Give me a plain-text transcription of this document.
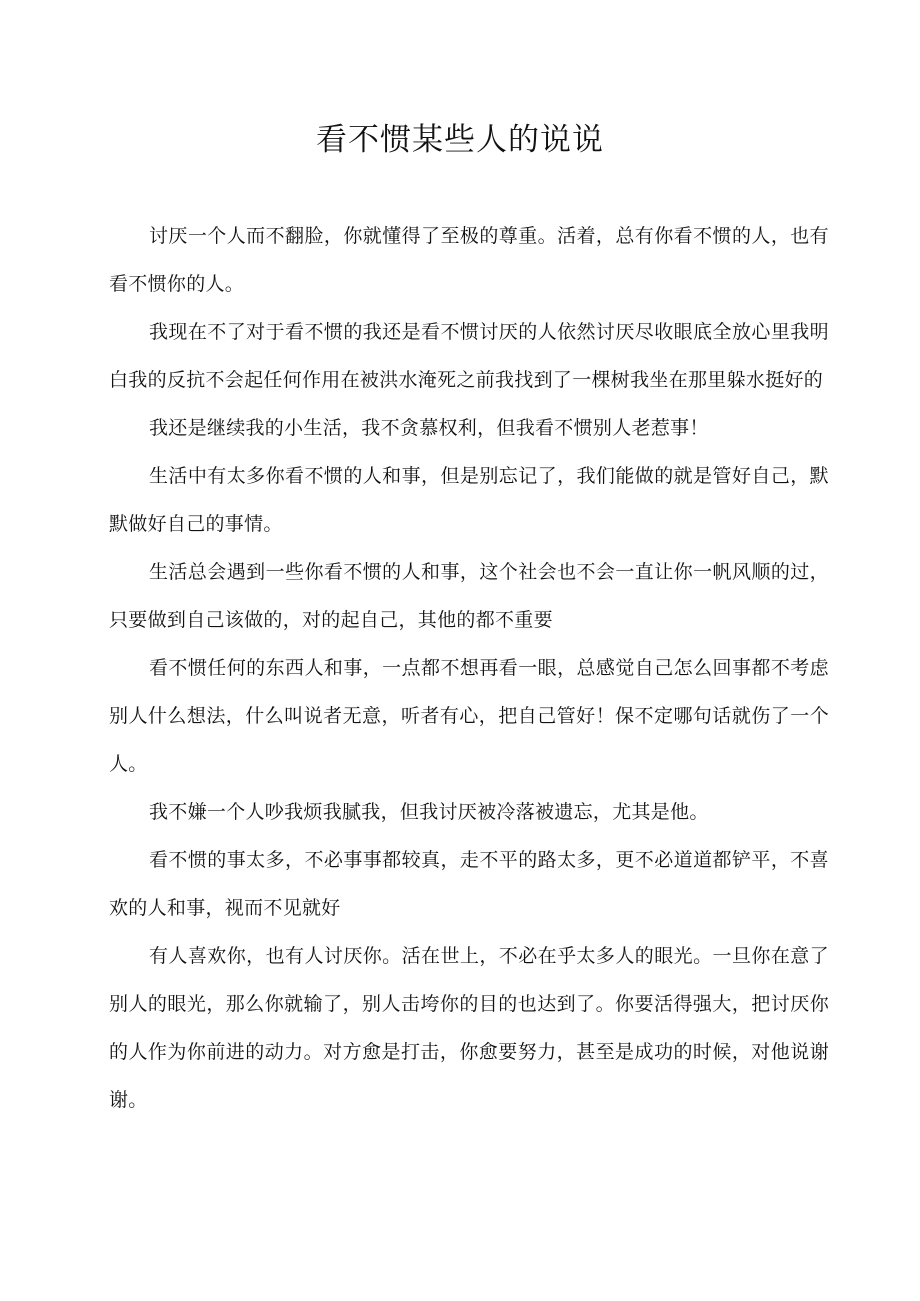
看不惯某些人的说说

讨厌一个人而不翻脸，你就懂得了至极的尊重。活着，总有你看不惯的人，也有看不惯你的人。

我现在不了对于看不惯的我还是看不惯讨厌的人依然讨厌尽收眼底全放心里我明白我的反抗不会起任何作用在被洪水淹死之前我找到了一棵树我坐在那里躲水挺好的

我还是继续我的小生活，我不贪慕权利，但我看不惯别人老惹事！

生活中有太多你看不惯的人和事，但是别忘记了，我们能做的就是管好自己，默默做好自己的事情。

生活总会遇到一些你看不惯的人和事，这个社会也不会一直让你一帆风顺的过，只要做到自己该做的，对的起自己，其他的都不重要

看不惯任何的东西人和事，一点都不想再看一眼，总感觉自己怎么回事都不考虑别人什么想法，什么叫说者无意，听者有心，把自己管好！保不定哪句话就伤了一个人。

我不嫌一个人吵我烦我腻我，但我讨厌被冷落被遗忘，尤其是他。

看不惯的事太多，不必事事都较真，走不平的路太多，更不必道道都铲平，不喜欢的人和事，视而不见就好

有人喜欢你，也有人讨厌你。活在世上，不必在乎太多人的眼光。一旦你在意了别人的眼光，那么你就输了，别人击垮你的目的也达到了。你要活得强大，把讨厌你的人作为你前进的动力。对方愈是打击，你愈要努力，甚至是成功的时候，对他说谢谢。
